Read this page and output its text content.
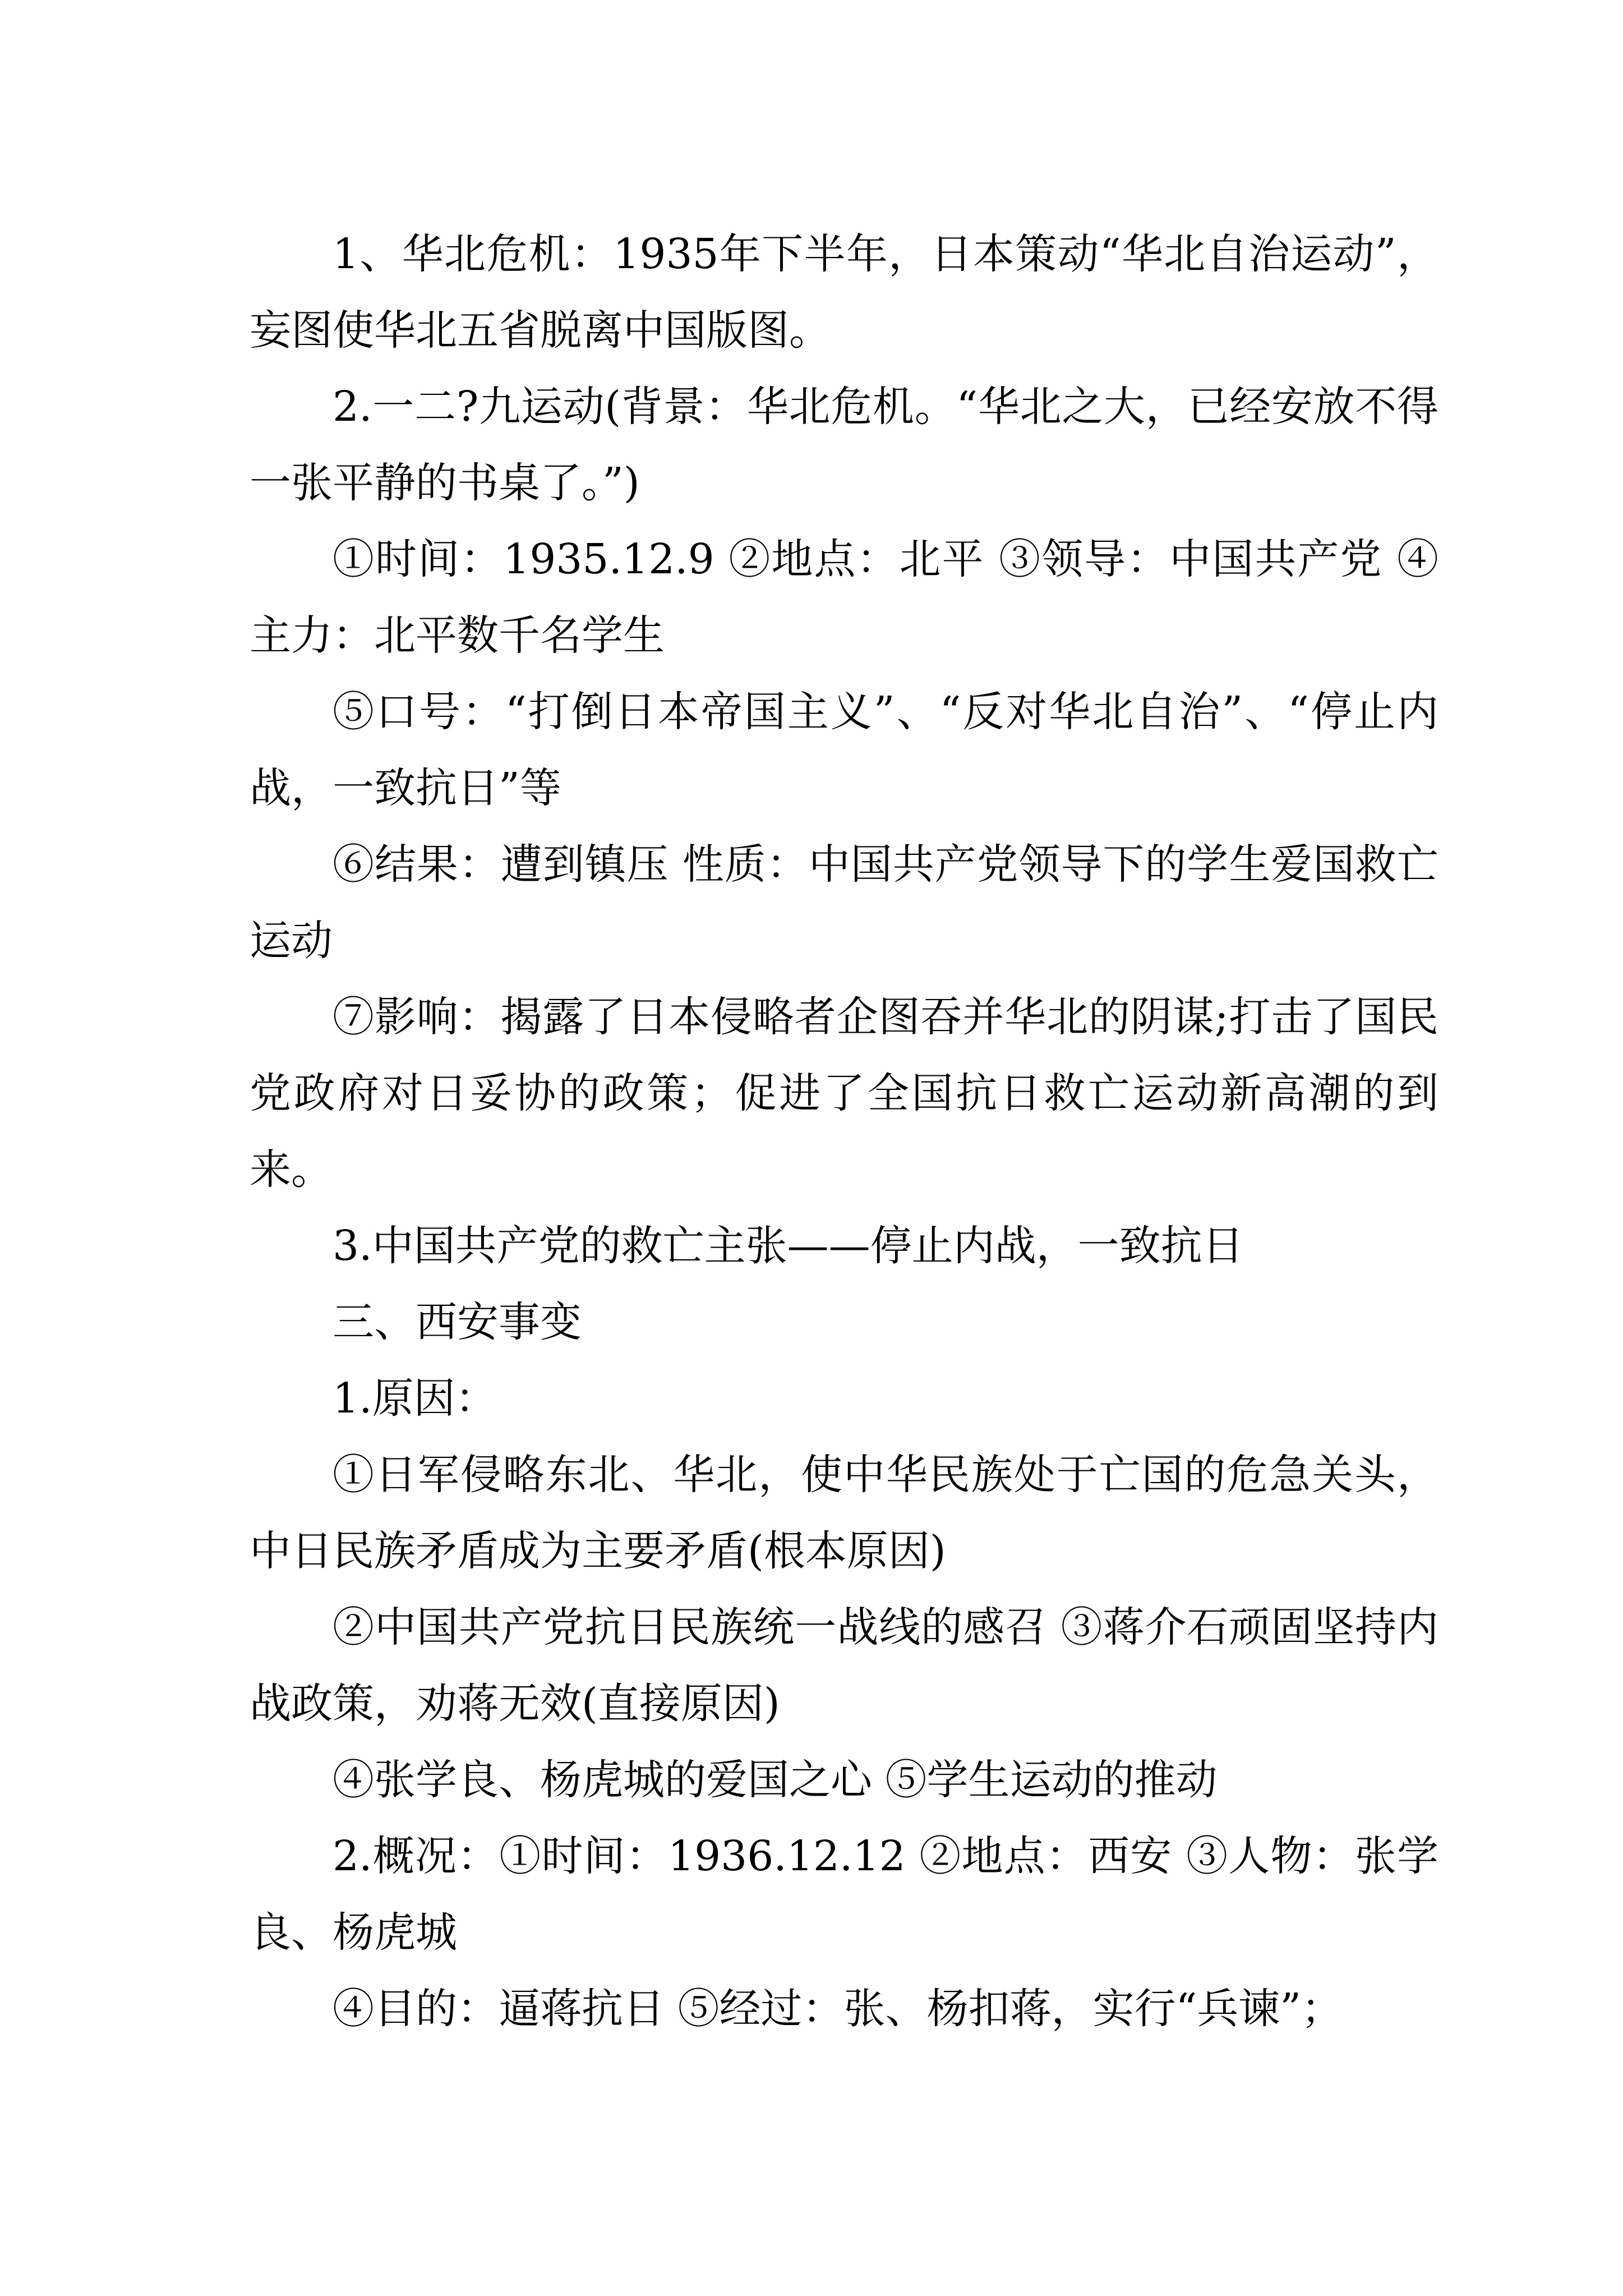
1、华北危机：1935年下半年，日本策动“华北自治运动”，妄图使华北五省脱离中国版图。

2.一二?九运动(背景：华北危机。“华北之大，已经安放不得一张平静的书桌了。”)

①时间：1935.12.9 ②地点：北平 ③领导：中国共产党 ④主力：北平数千名学生

⑤口号：“打倒日本帝国主义”、“反对华北自治”、“停止内战，一致抗日”等

⑥结果：遭到镇压 性质：中国共产党领导下的学生爱国救亡运动

⑦影响：揭露了日本侵略者企图吞并华北的阴谋;打击了国民党政府对日妥协的政策；促进了全国抗日救亡运动新高潮的到来。

3.中国共产党的救亡主张——停止内战，一致抗日

三、西安事变

1.原因：

①日军侵略东北、华北，使中华民族处于亡国的危急关头，中日民族矛盾成为主要矛盾(根本原因)

②中国共产党抗日民族统一战线的感召 ③蒋介石顽固坚持内战政策，劝蒋无效(直接原因)

④张学良、杨虎城的爱国之心 ⑤学生运动的推动

2.概况：①时间：1936.12.12 ②地点：西安 ③人物：张学良、杨虎城

④目的：逼蒋抗日 ⑤经过：张、杨扣蒋，实行“兵谏”；
